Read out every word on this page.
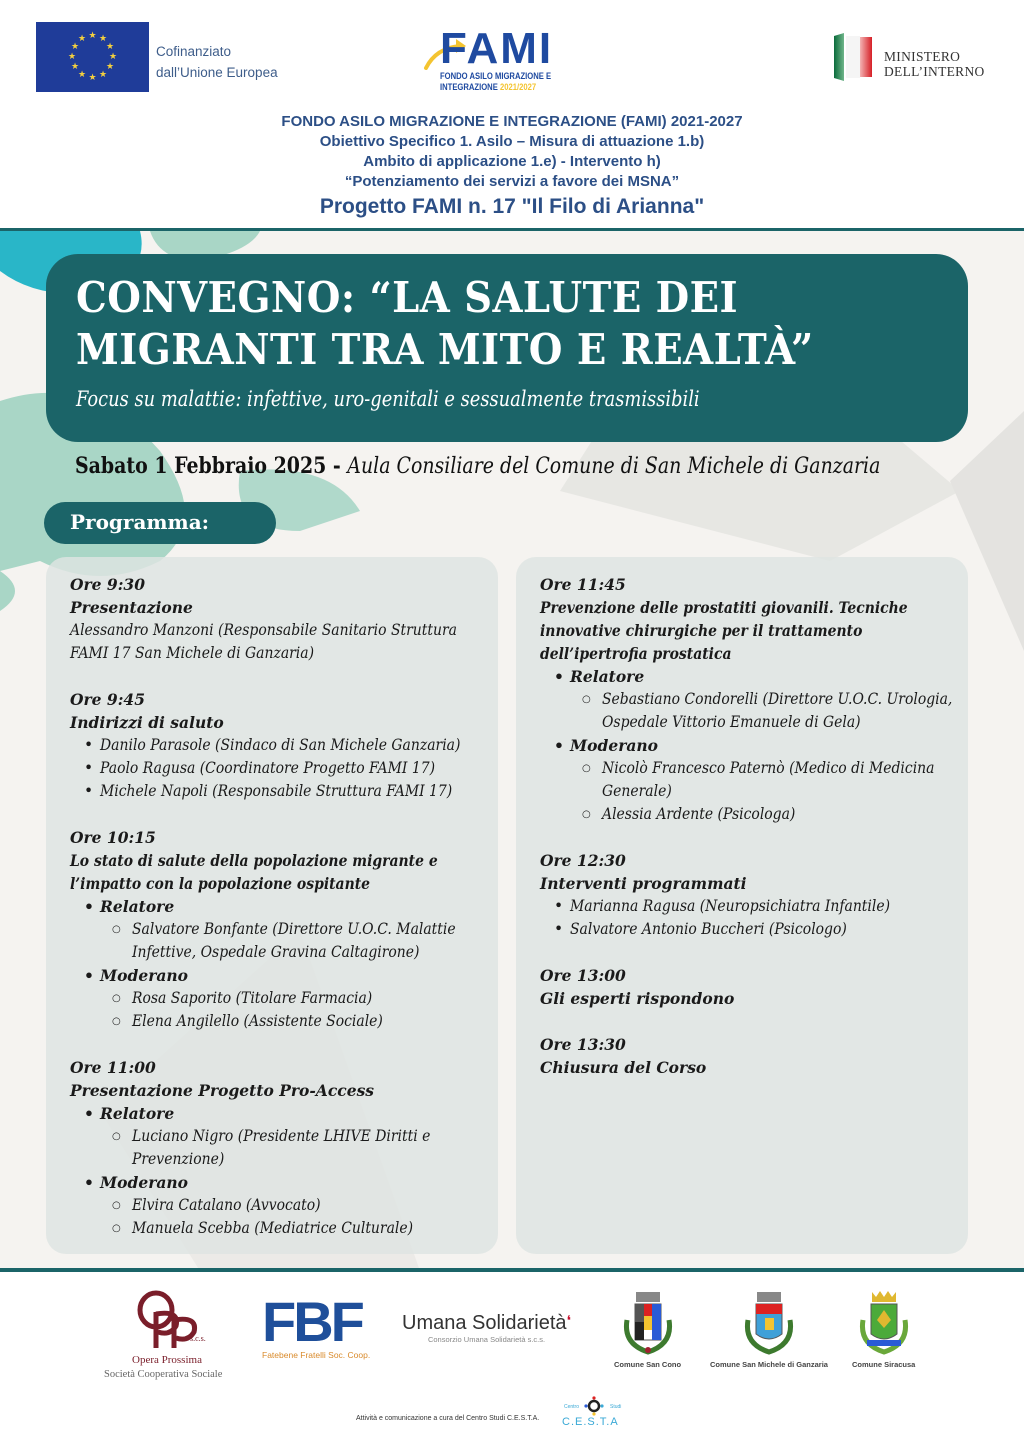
★ ★
★
★
★
★
★
★
★
★
★
★
Cofinanziato
dall’Unione Europea	FAMI
FONDO ASILO MIGRAZIONE E
INTEGRAZIONE 2021/2027
MINISTERO
DELL’INTERNO
FONDO ASILO MIGRAZIONE E INTEGRAZIONE (FAMI) 2021-2027
Obiettivo Specifico 1. Asilo – Misura di attuazione 1.b)
Ambito di applicazione 1.e) - Intervento h)
“Potenziamento dei servizi a favore dei MSNA”
Progetto FAMI n. 17 "Il Filo di Arianna"
CONVEGNO: “LA SALUTE DEI
MIGRANTI TRA MITO E REALTÀ”
Focus su malattie: infettive, uro-genitali e sessualmente trasmissibili
Sabato 1 Febbraio 2025 - Aula Consiliare del Comune di San Michele di Ganzaria
Programma:
Ore 9:30
Presentazione
Alessandro Manzoni (Responsabile Sanitario Struttura
FAMI 17 San Michele di Ganzaria)
Ore 9:45
Indirizzi di saluto
• Danilo Parasole (Sindaco di San Michele Ganzaria)
• Paolo Ragusa (Coordinatore Progetto FAMI 17)
• Michele Napoli (Responsabile Struttura FAMI 17)
Ore 10:15
Lo stato di salute della popolazione migrante e
l’impatto con la popolazione ospitante
• Relatore
○ Salvatore Bonfante (Direttore U.O.C. Malattie
Infettive, Ospedale Gravina Caltagirone)
• Moderano
○ Rosa Saporito (Titolare Farmacia)
○ Elena Angilello (Assistente Sociale)
Ore 11:00
Presentazione Progetto Pro-Access
• Relatore
○ Luciano Nigro (Presidente LHIVE Diritti e
Prevenzione)
• Moderano
○ Elvira Catalano (Avvocato)
○ Manuela Scebba (Mediatrice Culturale)
Ore 11:45
Prevenzione delle prostatiti giovanili. Tecniche
innovative chirurgiche per il trattamento
dell’ipertrofia prostatica
• Relatore
○ Sebastiano Condorelli (Direttore U.O.C. Urologia,
Ospedale Vittorio Emanuele di Gela)
• Moderano
○ Nicolò Francesco Paternò (Medico di Medicina
Generale)
○ Alessia Ardente (Psicologa)
Ore 12:30
Interventi programmati
• Marianna Ragusa (Neuropsichiatra Infantile)
• Salvatore Antonio Buccheri (Psicologo)
Ore 13:00
Gli esperti rispondono
Ore 13:30
Chiusura del Corso
s.c.s.
Opera Prossima
Società Cooperativa Sociale
FBF
Fatebene Fratelli Soc. Coop.
Umana Solidarietà❛
Consorzio Umana Solidarietà s.c.s.
Comune San Cono	Comune San Michele di Ganzaria	Comune Siracusa
Attività e comunicazione a cura del Centro Studi C.E.S.T.A.
Centro	Studi
C.E.S.T.A
